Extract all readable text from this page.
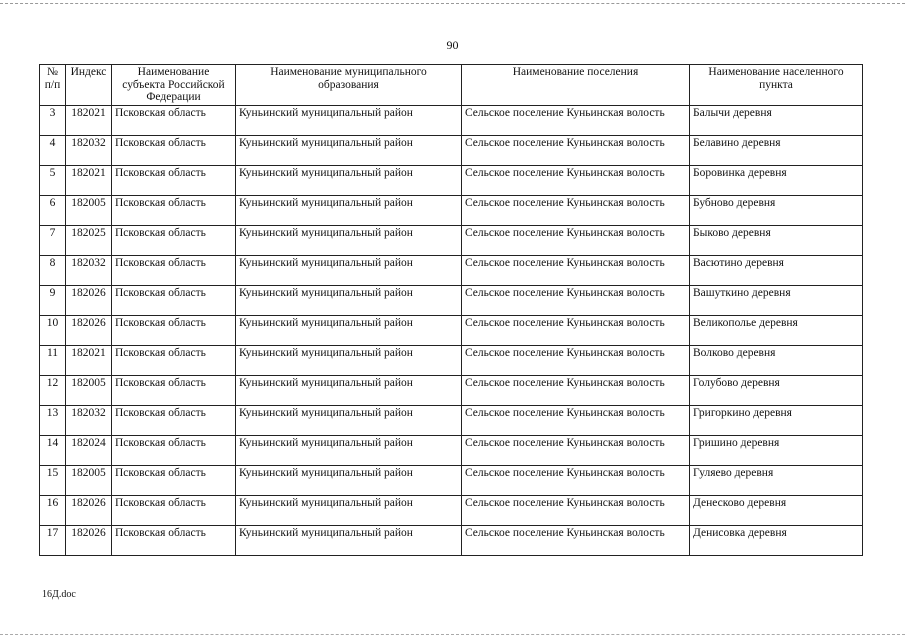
90
№ п/п	Индекс	Наименование субъекта Российской Федерации	Наименование муниципального образования	Наименование поселения	Наименование населенного пункта
3	182021	Псковская область	Куньинский муниципальный район	Сельское поселение Куньинская волость	Балычи деревня
4	182032	Псковская область	Куньинский муниципальный район	Сельское поселение Куньинская волость	Белавино деревня
5	182021	Псковская область	Куньинский муниципальный район	Сельское поселение Куньинская волость	Боровинка деревня
6	182005	Псковская область	Куньинский муниципальный район	Сельское поселение Куньинская волость	Бубново деревня
7	182025	Псковская область	Куньинский муниципальный район	Сельское поселение Куньинская волость	Быково деревня
8	182032	Псковская область	Куньинский муниципальный район	Сельское поселение Куньинская волость	Васютино деревня
9	182026	Псковская область	Куньинский муниципальный район	Сельское поселение Куньинская волость	Вашуткино деревня
10	182026	Псковская область	Куньинский муниципальный район	Сельское поселение Куньинская волость	Великополье деревня
11	182021	Псковская область	Куньинский муниципальный район	Сельское поселение Куньинская волость	Волково деревня
12	182005	Псковская область	Куньинский муниципальный район	Сельское поселение Куньинская волость	Голубово деревня
13	182032	Псковская область	Куньинский муниципальный район	Сельское поселение Куньинская волость	Григоркино деревня
14	182024	Псковская область	Куньинский муниципальный район	Сельское поселение Куньинская волость	Гришино деревня
15	182005	Псковская область	Куньинский муниципальный район	Сельское поселение Куньинская волость	Гуляево деревня
16	182026	Псковская область	Куньинский муниципальный район	Сельское поселение Куньинская волость	Денесково деревня
17	182026	Псковская область	Куньинский муниципальный район	Сельское поселение Куньинская волость	Денисовка деревня
16Д.doc
